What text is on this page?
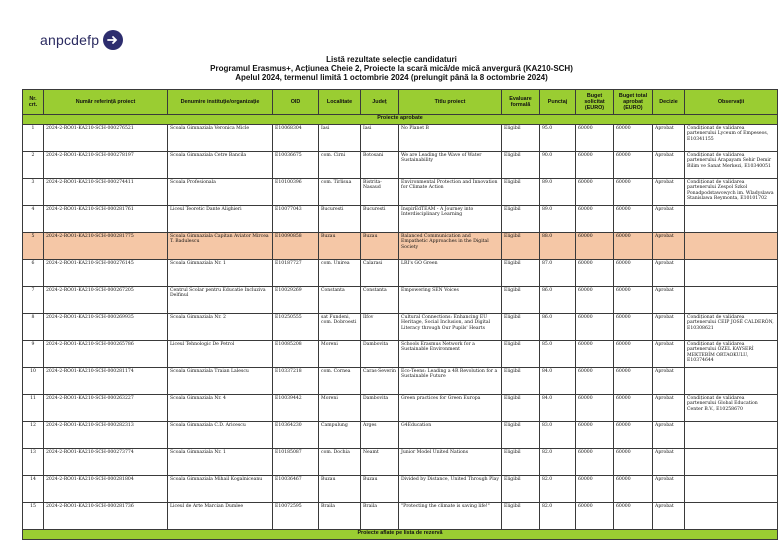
anpcdefp
Listă rezultate selecție candidaturi
Programul Erasmus+, Acțiunea Cheie 2, Proiecte la scară mică/de mică anvergură (KA210-SCH)
Apelul 2024, termenul limită 1 octombrie 2024 (prelungit până la 8 octombrie 2024)
Nr. crt.	Număr referință proiect	Denumire instituție/organizație	OID	Localitate	Județ	Titlu proiect	Evaluare formală	Punctaj	Buget solicitat (EURO)	Buget total aprobat (EURO)	Decizie	Observații
Proiecte aprobate												
1	2024-2-RO01-KA210-SCH-000276521	Scoala Gimnaziala Veronica Micle	E10068304	Iasi	Iasi	No Planet B	Eligibil	95.0	60000	60000	Aprobat	Condiționat de validarea partenerului Lyceum of Empeseos, E10341155
2	2024-2-RO01-KA210-SCH-000278197	Scoala Gimnaziala Cetre Bancila	E10036675	com. Cirni	Botosani	We are Leading the Wave of Water Sustainability	Eligibil	90.0	60000	60000	Aprobat	Condiționat de validarea partenerului Arapayam Sehir Demir Bilim ve Sanat Merkezi, E10340051
3	2024-2-RO01-KA210-SCH-000274411	Scoala Profesionala	E10100396	com. Tirlisua	Bistrita-Nasaud	Environmental Protection and Innovation for Climate Action	Eligibil	89.0	60000	60000	Aprobat	Condiționat de validarea partenerului Zespol Szkol Ponadpodstawowych im. Wladyslawa Stanislawa Reymonta, E10101702
4	2024-2-RO01-KA210-SCH-000281761	Liceul Teoretic Dante Alighieri	E10077043	Bucuresti	Bucuresti	InspirEdTEAM - A Journey into Interdisciplinary Learning	Eligibil	89.0	60000	60000	Aprobat	
5	2024-2-RO01-KA210-SCH-000281775	Scoala Gimnaziala Capitan Aviator Mircea T. Badulescu	E10090858	Buzau	Buzau	Balanced Communication and Empathetic Approaches in the Digital Society	Eligibil	88.0	60000	60000	Aprobat	
6	2024-2-RO01-KA210-SCH-000276145	Scoala Gimnaziala Nr. 1	E10187727	com. Unirea	Calarasi	LRI's GO Green	Eligibil	87.0	60000	60000	Aprobat	
7	2024-2-RO01-KA210-SCH-000267205	Centrul Scolar pentru Educatie Incluziva Delfinul	E10029269	Constanta	Constanta	Empowering SEN Voices	Eligibil	86.0	60000	60000	Aprobat	
8	2024-2-RO01-KA210-SCH-000269935	Scoala Gimnaziala Nr. 2	E10250555	sat Fundeni, com. Dobroesti	Ilfov	Cultural Connections: Enhancing EU Heritage, Social Inclusion, and Digital Literacy through Our Pupils' Hearts	Eligibil	86.0	60000	60000	Aprobat	Condiționat de validarea partenerului CEIP JOSÉ CALDERÓN, E10308621
9	2024-2-RO01-KA210-SCH-000265786	Liceul Tehnologic De Petrol	E10085208	Moreni	Dambovita	Schools Erasmus Network for a Sustainable Environment	Eligibil	85.0	60000	60000	Aprobat	Condiționat de validarea partenerului ÖZEL KAYSERİ MEKTEBİM ORTAOKULU, E10374644
10	2024-2-RO01-KA210-SCH-000281174	Scoala Gimnaziala Traian Lalescu	E10337218	com. Cornea	Caras-Severin	Eco-Teens: Leading a 4R Revolution for a Sustainable Future	Eligibil	84.0	60000	60000	Aprobat	
11	2024-2-RO01-KA210-SCH-000263227	Scoala Gimnaziala Nr. 4	E10039442	Moreni	Dambovita	Green practices for Green Europa	Eligibil	84.0	60000	60000	Aprobat	Condiționat de validarea partenerului Global Education Center B.V., E10258670
12	2024-2-RO01-KA210-SCH-000282313	Scoala Gimnaziala C.D. Aricescu	E10364230	Campulung	Arges	G4Education	Eligibil	83.0	60000	60000	Aprobat	
13	2024-2-RO01-KA210-SCH-000273774	Scoala Gimnaziala Nr. 1	E10185087	com. Dochia	Neamt	Junior Model United Nations	Eligibil	82.0	60000	60000	Aprobat	
14	2024-2-RO01-KA210-SCH-000281804	Scoala Gimnaziala Mihail Kogalniceanu	E10036467	Buzau	Buzau	Divided by Distance, United Through Play	Eligibil	82.0	60000	60000	Aprobat	
15	2024-2-RO01-KA210-SCH-000281736	Liceul de Arte Marcian Dumlee	E10072595	Braila	Braila	"Protecting the climate is saving life!"	Eligibil	82.0	60000	60000	Aprobat	
Proiecte aflate pe lista de rezervă												
